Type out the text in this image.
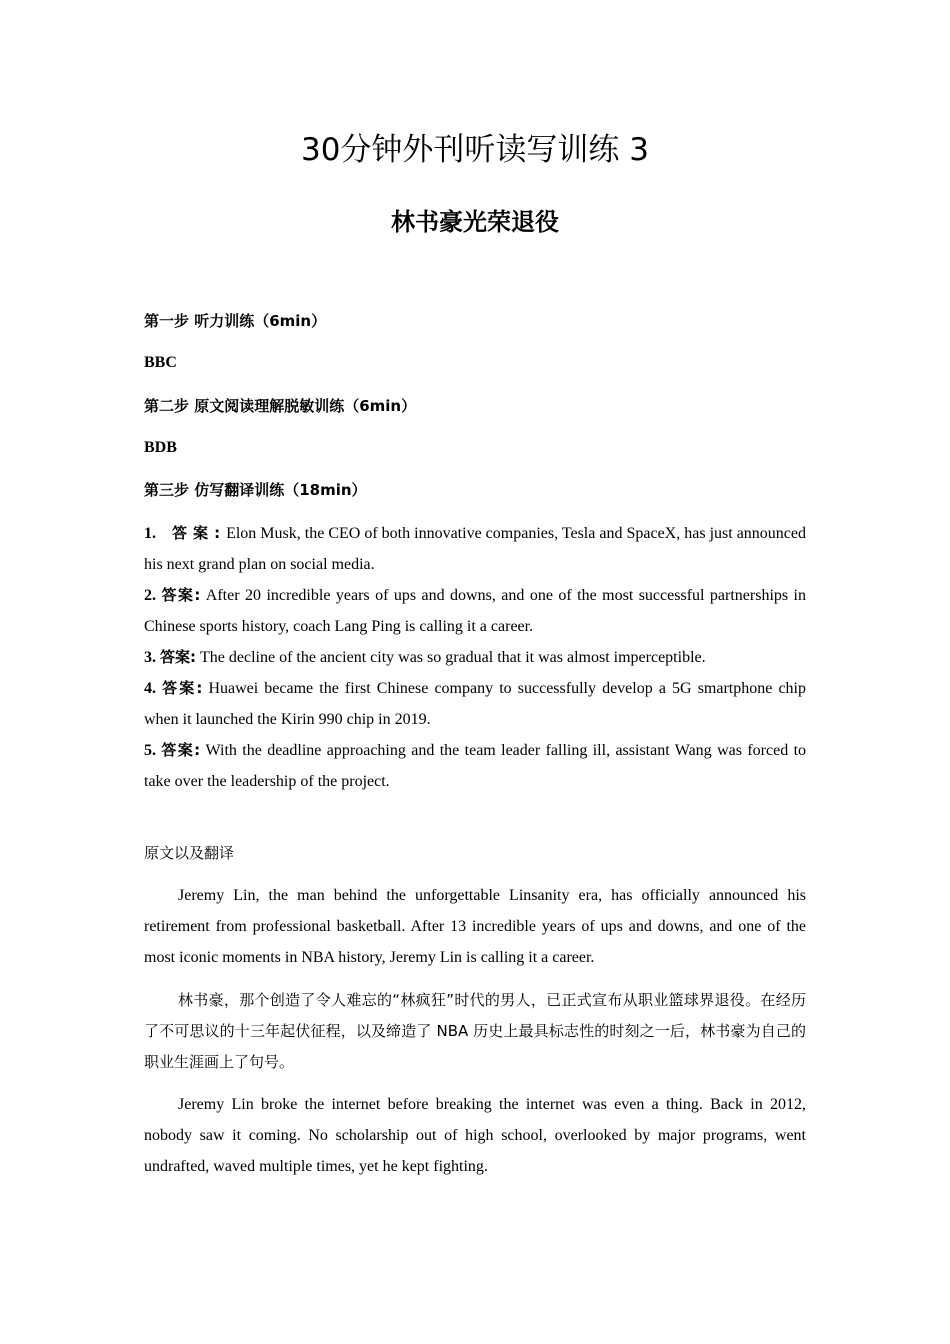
30分钟外刊听读写训练 3
林书豪光荣退役
第一步 听力训练（6min）
BBC
第二步 原文阅读理解脱敏训练（6min）
BDB
第三步 仿写翻译训练（18min）

1. 答案:Elon Musk, the CEO of both innovative companies, Tesla and SpaceX, has just announced his next grand plan on social media.

2. 答案: After 20 incredible years of ups and downs, and one of the most successful partnerships in Chinese sports history, coach Lang Ping is calling it a career.

3. 答案: The decline of the ancient city was so gradual that it was almost imperceptible.

4. 答案: Huawei became the first Chinese company to successfully develop a 5G smartphone chip when it launched the Kirin 990 chip in 2019.

5. 答案: With the deadline approaching and the team leader falling ill, assistant Wang was forced to take over the leadership of the project.

原文以及翻译

Jeremy Lin, the man behind the unforgettable Linsanity era, has officially announced his retirement from professional basketball. After 13 incredible years of ups and downs, and one of the most iconic moments in NBA history, Jeremy Lin is calling it a career.

林书豪，那个创造了令人难忘的“林疯狂”时代的男人，已正式宣布从职业篮球界退役。在经历了不可思议的十三年起伏征程，以及缔造了 NBA 历史上最具标志性的时刻之一后，林书豪为自己的职业生涯画上了句号。

Jeremy Lin broke the internet before breaking the internet was even a thing. Back in 2012, nobody saw it coming. No scholarship out of high school, overlooked by major programs, went undrafted, waved multiple times, yet he kept fighting.
